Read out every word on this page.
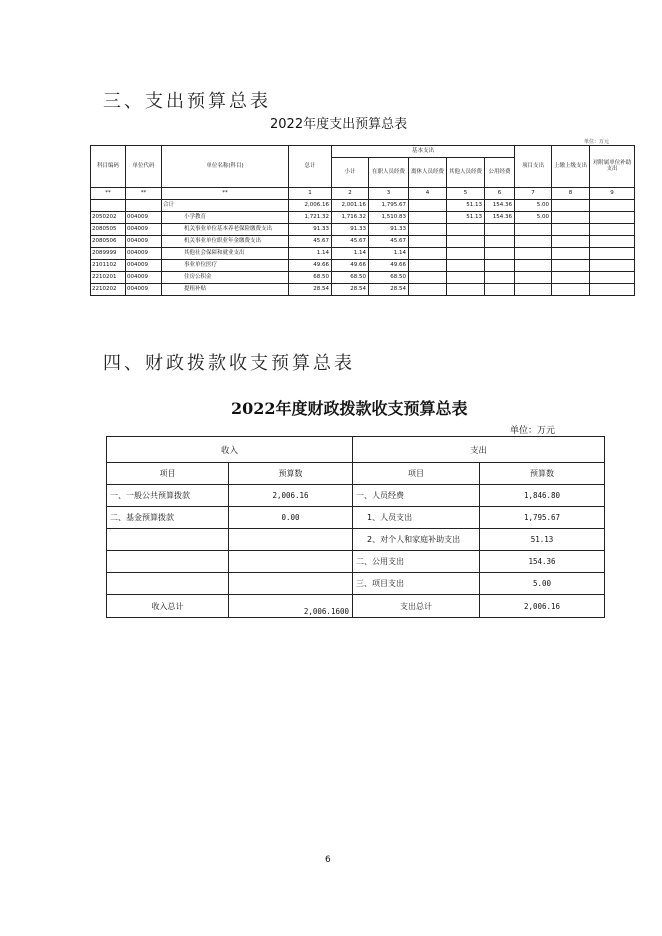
三、支出预算总表
2022年度支出预算总表
单位：万元
科目编码	单位代码	单位名称(科目)	总计	基本支出					项目支出	上缴上级支出	对附属单位补助支出
				小计	在职人员经费	离休人员经费	其他人员经费	公用经费			
**	**	**	1	2	3	4	5	6	7	8	9
		合计	2,006.16	2,001.16	1,795.67		51.13	154.36	5.00		
2050202	004009	小学教育	1,721.32	1,716.32	1,510.83		51.13	154.36	5.00		
2080505	004009	机关事业单位基本养老保险缴费支出	91.33	91.33	91.33						
2080506	004009	机关事业单位职业年金缴费支出	45.67	45.67	45.67						
2089999	004009	其他社会保障和就业支出	1.14	1.14	1.14						
2101102	004009	事业单位医疗	49.66	49.66	49.66						
2210201	004009	住房公积金	68.50	68.50	68.50						
2210202	004009	提租补贴	28.54	28.54	28.54						
四、财政拨款收支预算总表
2022年度财政拨款收支预算总表
单位：万元
收入		支出	
项目	预算数	项目	预算数
一、一般公共预算拨款	2,006.16	一、人员经费	1,846.80
二、基金预算拨款	0.00	1、人员支出	1,795.67
		2、对个人和家庭补助支出	51.13
		二、公用支出	154.36
		三、项目支出	5.00
收入总计	2,006.1600	支出总计	2,006.16
6
